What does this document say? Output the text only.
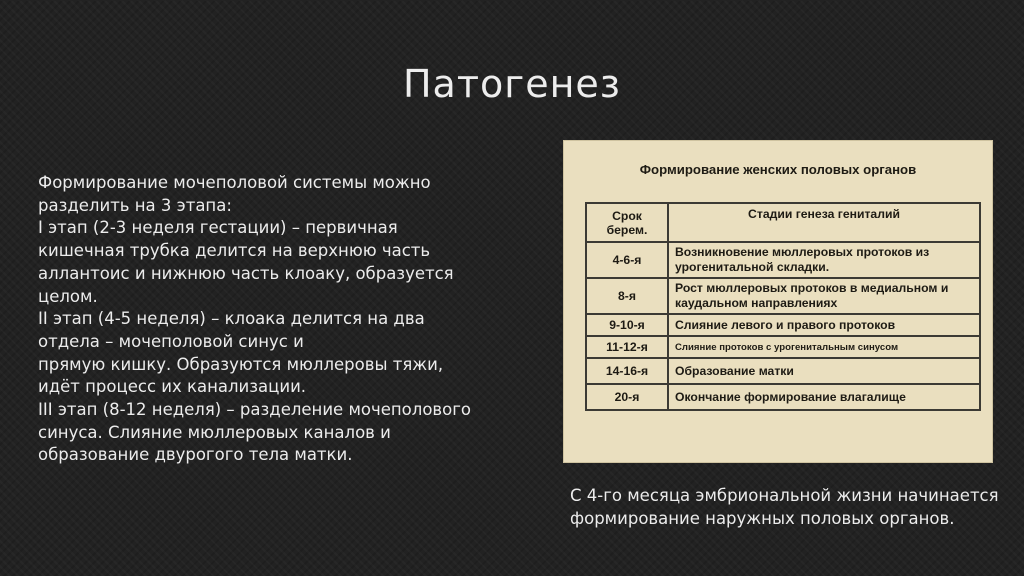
Патогенез
Формирование мочеполовой системы можно
разделить на 3 этапа:
I этап (2-3 неделя гестации) – первичная
кишечная трубка делится на верхнюю часть
аллантоис и нижнюю часть клоаку, образуется
целом.
II этап (4-5 неделя) – клоака делится на два
отдела – мочеполовой синус и
прямую кишку. Образуются мюллеровы тяжи,
идёт процесс их канализации.
III этап (8-12 неделя) – разделение мочеполового
синуса. Слияние мюллеровых каналов и
образование двурогого тела матки.
Формирование женских половых органов
Срок
берем.	Стадии генеза гениталий
4-6-я	Возникновение мюллеровых протоков из урогенитальной складки.
8-я	Рост мюллеровых протоков в медиальном и каудальном направлениях
9-10-я	Слияние левого и правого протоков
11-12-я	Слияние протоков с урогенитальным синусом
14-16-я	Образование матки
20-я	Окончание формирование влагалище
С 4-го месяца эмбриональной жизни начинается
формирование наружных половых органов.
